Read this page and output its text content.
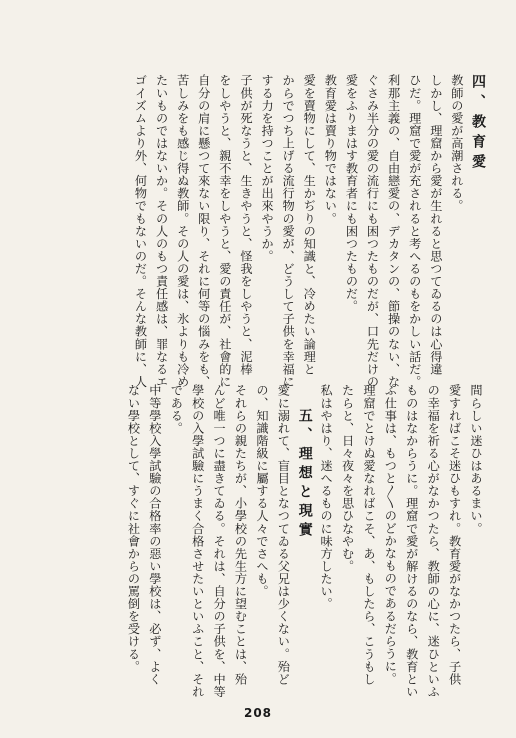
四、教育愛
教師の愛が高潮される。
しかし、理窟から愛が生れると思つてゐるのは心得違
ひだ。理窟で愛が充されると考へるのもをかしい話だ。
利那主義の、自由戀愛の、デカタンの、節操のない、な
ぐさみ半分の愛の流行にも困つたものだが、口先だけの
愛をふりまはす教育者にも困つたものだ。
教育愛は賣り物ではない。
愛を賣物にして、生かぢりの知識と、冷めたい論理と
からでつち上げる流行物の愛が、どうして子供を幸福に
する力を持つことが出來やうか。
子供が死なうと、生きやうと、怪我をしやうと、泥棒
をしやうと、親不幸をしやうと、愛の責任が、社會的に
自分の肩に懸つて來ない限り、それに何等の惱みをも、
苦しみをも感じ得ぬ教師。その人の愛は、氷よりも冷め
たいものではないか。その人のもつ責任感は、罪なるエ
ゴイズムより外、何物でもないのだ。そんな教師に、人
間らしい迷ひはあるまい。
愛すればこそ迷ひもすれ。教育愛がなかつたら、子供
の幸福を祈る心がなかつたら、教師の心に、迷ひといふ
ものはなからうに。理窟で愛が解けるのなら、教育とい
ふ仕事は、もつと〳〵のどかなものであるだらうに。
理窟でとけぬ愛なればこそ、あ、もしたら、こうもし
たらと、日々夜々を思ひなやむ。
私はやはり、迷へるものに味方したい。
五、理想と現實
愛に溺れて、盲目となつてゐる父兄は少くない。殆ど
の、知識階級に屬する人々でさへも。
それらの親たちが、小學校の先生方に望むことは、殆
んど唯一つに盡きてゐる。それは、自分の子供を、中等
學校の入學試驗にうまく合格させたいといふこと、それ
である。
中等學校入學試驗の合格率の惡い學校は、必ず、よく
ない學校として、すぐに社會からの罵倒を受ける。
208
